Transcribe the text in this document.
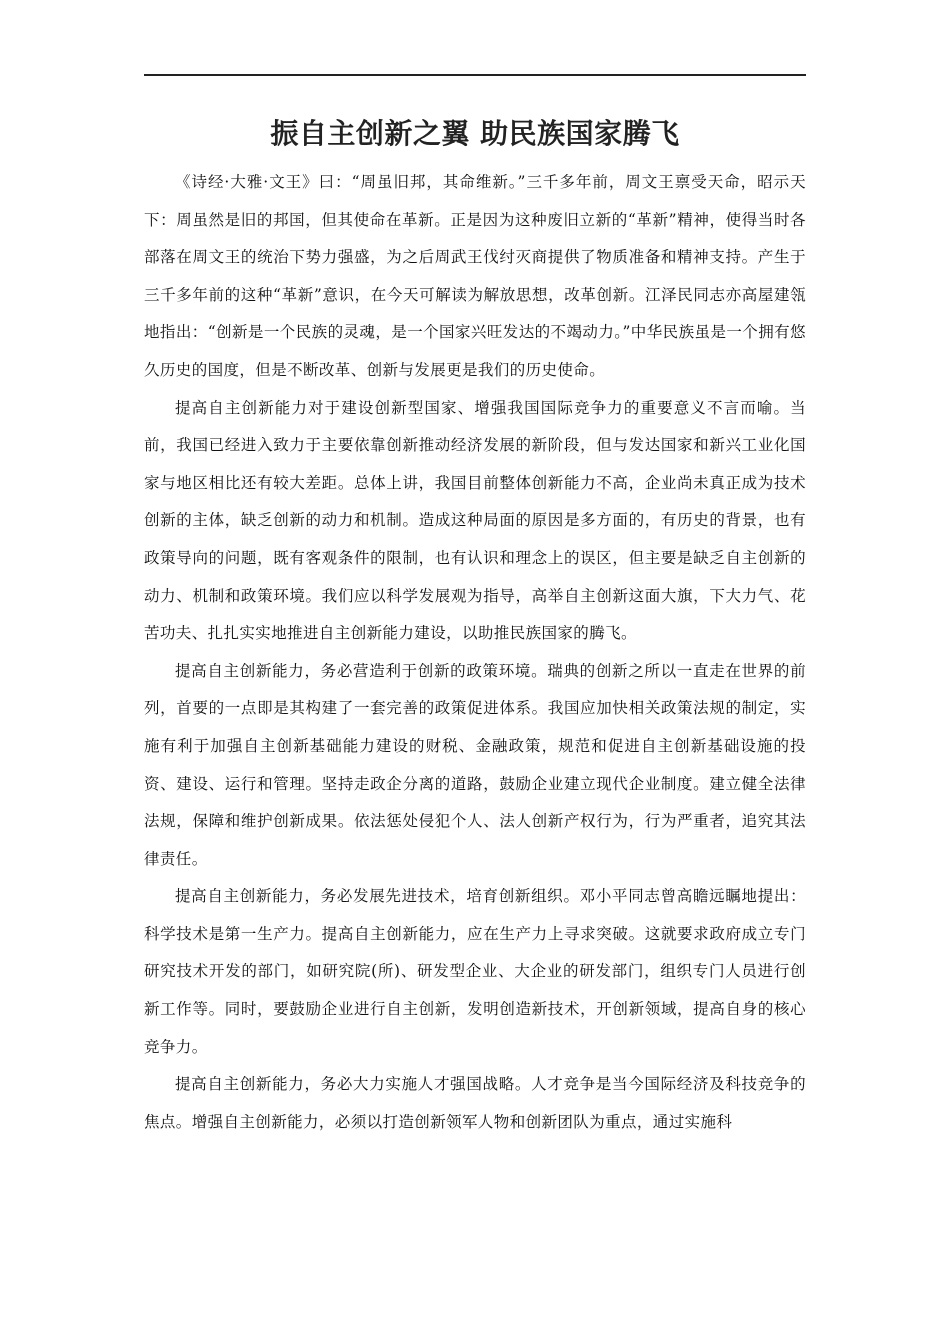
振自主创新之翼 助民族国家腾飞

《诗经·大雅·文王》曰：“周虽旧邦，其命维新。”三千多年前，周文王禀受天命，昭示天下：周虽然是旧的邦国，但其使命在革新。正是因为这种废旧立新的“革新”精神，使得当时各部落在周文王的统治下势力强盛，为之后周武王伐纣灭商提供了物质准备和精神支持。产生于三千多年前的这种“革新”意识，在今天可解读为解放思想，改革创新。江泽民同志亦高屋建瓴地指出：“创新是一个民族的灵魂，是一个国家兴旺发达的不竭动力。”中华民族虽是一个拥有悠久历史的国度，但是不断改革、创新与发展更是我们的历史使命。

提高自主创新能力对于建设创新型国家、增强我国国际竞争力的重要意义不言而喻。当前，我国已经进入致力于主要依靠创新推动经济发展的新阶段，但与发达国家和新兴工业化国家与地区相比还有较大差距。总体上讲，我国目前整体创新能力不高，企业尚未真正成为技术创新的主体，缺乏创新的动力和机制。造成这种局面的原因是多方面的，有历史的背景，也有政策导向的问题，既有客观条件的限制，也有认识和理念上的误区，但主要是缺乏自主创新的动力、机制和政策环境。我们应以科学发展观为指导，高举自主创新这面大旗，下大力气、花苦功夫、扎扎实实地推进自主创新能力建设，以助推民族国家的腾飞。

提高自主创新能力，务必营造利于创新的政策环境。瑞典的创新之所以一直走在世界的前列，首要的一点即是其构建了一套完善的政策促进体系。我国应加快相关政策法规的制定，实施有利于加强自主创新基础能力建设的财税、金融政策，规范和促进自主创新基础设施的投资、建设、运行和管理。坚持走政企分离的道路，鼓励企业建立现代企业制度。建立健全法律法规，保障和维护创新成果。依法惩处侵犯个人、法人创新产权行为，行为严重者，追究其法律责任。

提高自主创新能力，务必发展先进技术，培育创新组织。邓小平同志曾高瞻远瞩地提出：科学技术是第一生产力。提高自主创新能力，应在生产力上寻求突破。这就要求政府成立专门研究技术开发的部门，如研究院(所)、研发型企业、大企业的研发部门，组织专门人员进行创新工作等。同时，要鼓励企业进行自主创新，发明创造新技术，开创新领域，提高自身的核心竞争力。

提高自主创新能力，务必大力实施人才强国战略。人才竞争是当今国际经济及科技竞争的焦点。增强自主创新能力，必须以打造创新领军人物和创新团队为重点，通过实施科
